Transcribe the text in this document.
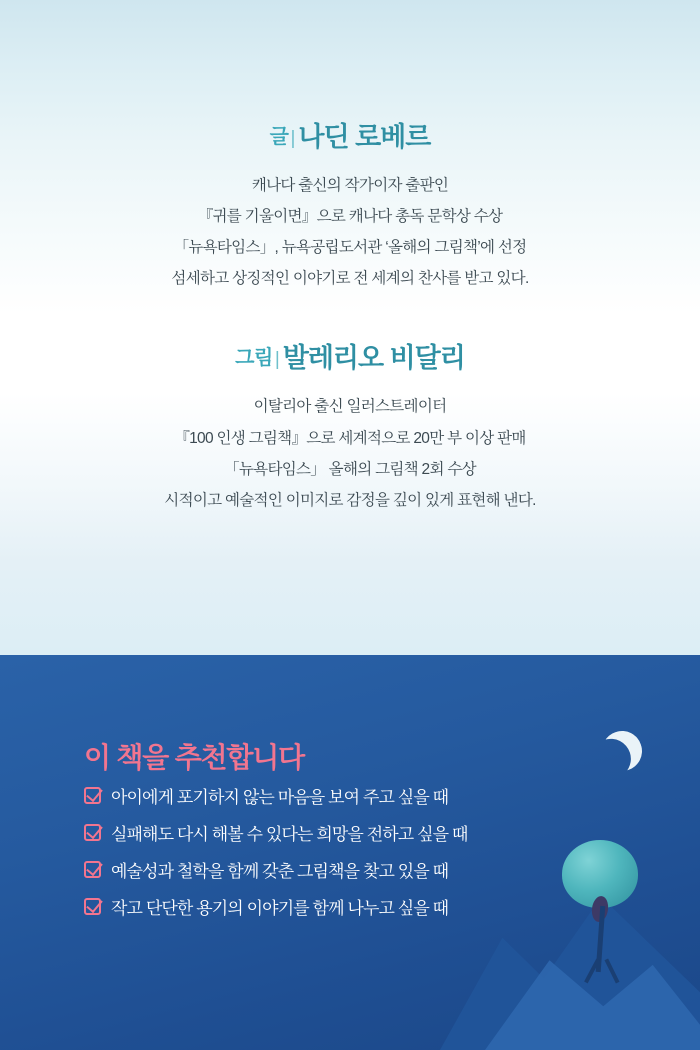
글 | 나딘 로베르

캐나다 출신의 작가이자 출판인

『귀를 기울이면』으로 캐나다 총독 문학상 수상

「뉴욕타임스」, 뉴욕공립도서관 ‘올해의 그림책’에 선정

섬세하고 상징적인 이야기로 전 세계의 찬사를 받고 있다.

그림 | 발레리오 비달리

이탈리아 출신 일러스트레이터

『100 인생 그림책』으로 세계적으로 20만 부 이상 판매

「뉴욕타임스」 올해의 그림책 2회 수상

시적이고 예술적인 이미지로 감정을 깊이 있게 표현해 낸다.

이 책을 추천합니다
아이에게 포기하지 않는 마음을 보여 주고 싶을 때
실패해도 다시 해볼 수 있다는 희망을 전하고 싶을 때
예술성과 철학을 함께 갖춘 그림책을 찾고 있을 때
작고 단단한 용기의 이야기를 함께 나누고 싶을 때
